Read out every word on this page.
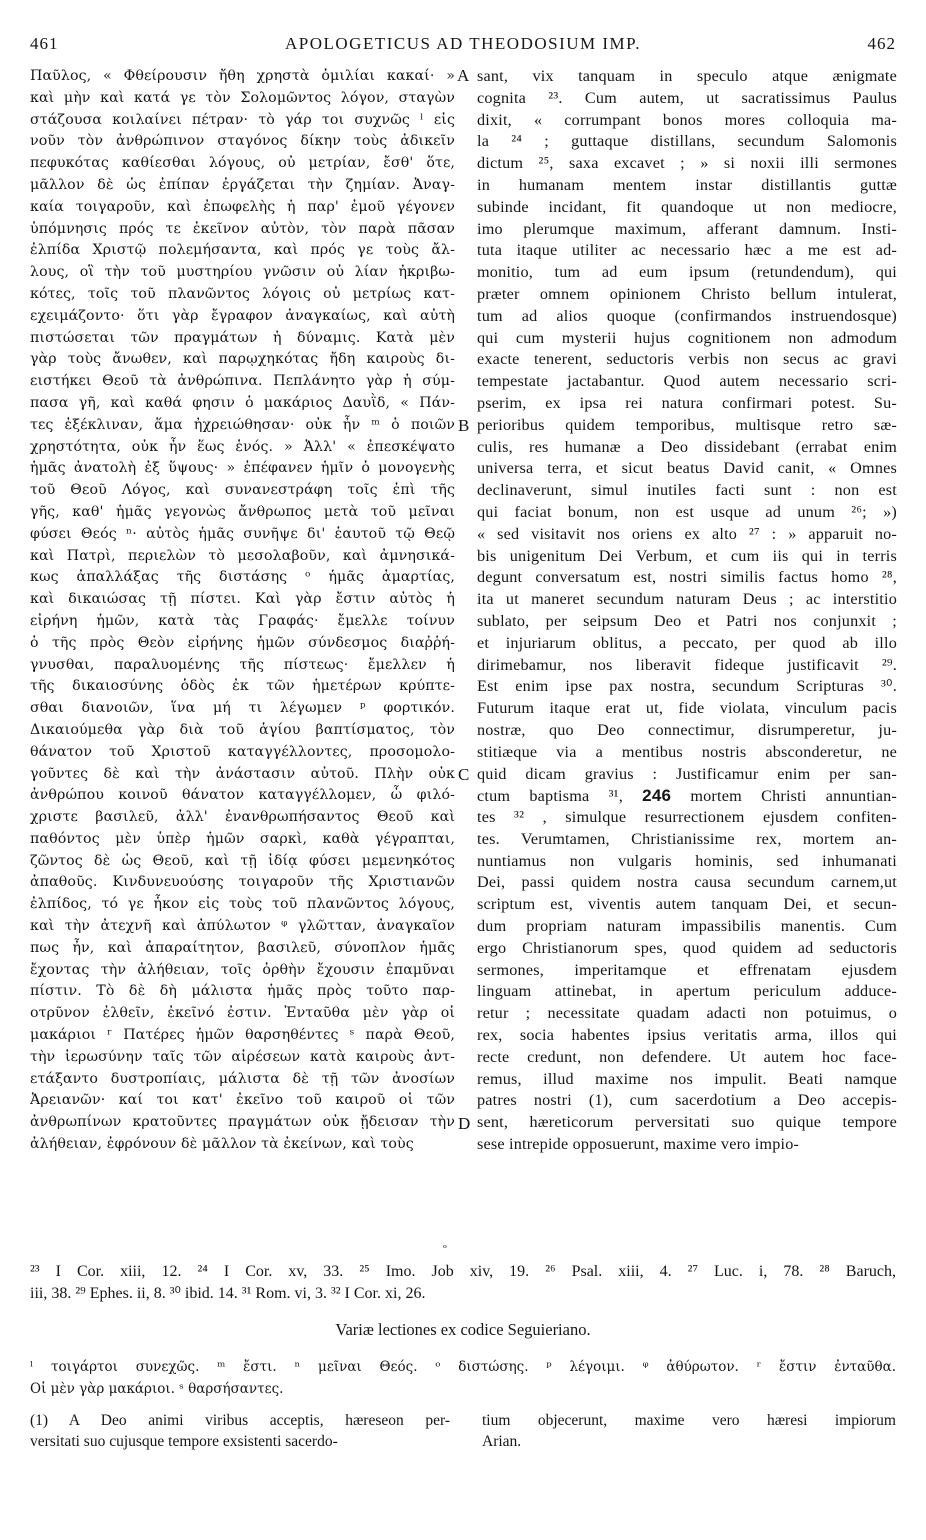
461	APOLOGETICUS AD THEODOSIUM IMP.	462
A
B
C
D
Παῦλος, « Φθείρουσιν ἤθη χρηστὰ ὁμιλίαι κακαί· »
καὶ μὴν καὶ κατά γε τὸν Σολομῶντος λόγον, σταγὼν
στάζουσα κοιλαίνει πέτραν· τὸ γάρ τοι συχνῶς ˡ εἰς
νοῦν τὸν ἀνθρώπινον σταγόνος δίκην τοὺς ἀδικεῖν
πεφυκότας καθίεσθαι λόγους, οὐ μετρίαν, ἔσθ' ὅτε,
μᾶλλον δὲ ὡς ἐπίπαν ἐργάζεται τὴν ζημίαν. Ἀναγ-
καία τοιγαροῦν, καὶ ἐπωφελὴς ἡ παρ' ἐμοῦ γέγονεν
ὑπόμνησις πρός τε ἐκεῖνον αὐτὸν, τὸν παρὰ πᾶσαν
ἐλπίδα Χριστῷ πολεμήσαντα, καὶ πρός γε τοὺς ἄλ-
λους, οἳ τὴν τοῦ μυστηρίου γνῶσιν οὐ λίαν ἠκριβω-
κότες, τοῖς τοῦ πλανῶντος λόγοις οὐ μετρίως κατ-
εχειμάζοντο· ὅτι γὰρ ἔγραφον ἀναγκαίως, καὶ αὐτὴ
πιστώσεται τῶν πραγμάτων ἡ δύναμις. Κατὰ μὲν
γὰρ τοὺς ἄνωθεν, καὶ παρῳχηκότας ἤδη καιροὺς δι-
ειστήκει Θεοῦ τὰ ἀνθρώπινα. Πεπλάνητο γὰρ ἡ σύμ-
πασα γῆ, καὶ καθά φησιν ὁ μακάριος Δαυῒδ, « Πάν-
τες ἐξέκλιναν, ἅμα ἠχρειώθησαν· οὐκ ἦν ᵐ ὁ ποιῶν
χρηστότητα, οὐκ ἦν ἕως ἑνός. » Ἀλλ' « ἐπεσκέψατο
ἡμᾶς ἀνατολὴ ἐξ ὕψους· » ἐπέφανεν ἡμῖν ὁ μονογενὴς
τοῦ Θεοῦ Λόγος, καὶ συνανεστράφη τοῖς ἐπὶ τῆς
γῆς, καθ' ἡμᾶς γεγονὼς ἄνθρωπος μετὰ τοῦ μεῖναι
φύσει Θεός ⁿ· αὐτὸς ἡμᾶς συνῆψε δι' ἑαυτοῦ τῷ Θεῷ
καὶ Πατρὶ, περιελὼν τὸ μεσολαβοῦν, καὶ ἀμνησικά-
κως ἀπαλλάξας τῆς διστάσης ᵒ ἡμᾶς ἁμαρτίας,
καὶ δικαιώσας τῇ πίστει. Καὶ γὰρ ἔστιν αὐτὸς ἡ
εἰρήνη ἡμῶν, κατὰ τὰς Γραφάς· ἔμελλε τοίνυν
ὁ τῆς πρὸς Θεὸν εἰρήνης ἡμῶν σύνδεσμος διαῤῥή-
γνυσθαι, παραλυομένης τῆς πίστεως· ἔμελλεν ἡ
τῆς δικαιοσύνης ὁδὸς ἐκ τῶν ἡμετέρων κρύπτε-
σθαι διανοιῶν, ἵνα μή τι λέγωμεν ᵖ φορτικόν.
Δικαιούμεθα γὰρ διὰ τοῦ ἁγίου βαπτίσματος, τὸν
θάνατον τοῦ Χριστοῦ καταγγέλλοντες, προσομολο-
γοῦντες δὲ καὶ τὴν ἀνάστασιν αὐτοῦ. Πλὴν οὐκ
ἀνθρώπου κοινοῦ θάνατον καταγγέλλομεν, ὦ φιλό-
χριστε βασιλεῦ, ἀλλ' ἐνανθρωπήσαντος Θεοῦ καὶ
παθόντος μὲν ὑπὲρ ἡμῶν σαρκὶ, καθὰ γέγραπται,
ζῶντος δὲ ὡς Θεοῦ, καὶ τῇ ἰδίᾳ φύσει μεμενηκότος
ἀπαθοῦς. Κινδυνευούσης τοιγαροῦν τῆς Χριστιανῶν
ἐλπίδος, τό γε ἧκον εἰς τοὺς τοῦ πλανῶντος λόγους,
καὶ τὴν ἀτεχνῆ καὶ ἀπύλωτον ᵠ γλῶτταν, ἀναγκαῖον
πως ἦν, καὶ ἀπαραίτητον, βασιλεῦ, σύνοπλον ἡμᾶς
ἔχοντας τὴν ἀλήθειαν, τοῖς ὀρθὴν ἔχουσιν ἐπαμῦναι
πίστιν. Τὸ δὲ δὴ μάλιστα ἡμᾶς πρὸς τοῦτο παρ-
οτρῦνον ἐλθεῖν, ἐκεῖνό ἐστιν. Ἐνταῦθα μὲν γὰρ οἱ
μακάριοι ʳ Πατέρες ἡμῶν θαρσηθέντες ˢ παρὰ Θεοῦ,
τὴν ἱερωσύνην ταῖς τῶν αἱρέσεων κατὰ καιροὺς ἀντ-
ετάξαντο δυστροπίαις, μάλιστα δὲ τῇ τῶν ἀνοσίων
Ἀρειανῶν· καί τοι κατ' ἐκεῖνο τοῦ καιροῦ οἱ τῶν
ἀνθρωπίνων κρατοῦντες πραγμάτων οὐκ ᾔδεισαν τὴν
ἀλήθειαν, ἐφρόνουν δὲ μᾶλλον τὰ ἐκείνων, καὶ τοὺς
sant, vix tanquam in speculo atque ænigmate
cognita ²³. Cum autem, ut sacratissimus Paulus
dixit, « corrumpant bonos mores colloquia ma-
la ²⁴ ; guttaque distillans, secundum Salomonis
dictum ²⁵, saxa excavet ; » si noxii illi sermones
in humanam mentem instar distillantis guttæ
subinde incidant, fit quandoque ut non mediocre,
imo plerumque maximum, afferant damnum. Insti-
tuta itaque utiliter ac necessario hæc a me est ad-
monitio, tum ad eum ipsum (retundendum), qui
præter omnem opinionem Christo bellum intulerat,
tum ad alios quoque (confirmandos instruendosque)
qui cum mysterii hujus cognitionem non admodum
exacte tenerent, seductoris verbis non secus ac gravi
tempestate jactabantur. Quod autem necessario scri-
pserim, ex ipsa rei natura confirmari potest. Su-
perioribus quidem temporibus, multisque retro sæ-
culis, res humanæ a Deo dissidebant (errabat enim
universa terra, et sicut beatus David canit, « Omnes
declinaverunt, simul inutiles facti sunt : non est
qui faciat bonum, non est usque ad unum ²⁶; »)
« sed visitavit nos oriens ex alto ²⁷ : » apparuit no-
bis unigenitum Dei Verbum, et cum iis qui in terris
degunt conversatum est, nostri similis factus homo ²⁸,
ita ut maneret secundum naturam Deus ; ac interstitio
sublato, per seipsum Deo et Patri nos conjunxit ;
et injuriarum oblitus, a peccato, per quod ab illo
dirimebamur, nos liberavit fideque justificavit ²⁹.
Est enim ipse pax nostra, secundum Scripturas ³⁰.
Futurum itaque erat ut, fide violata, vinculum pacis
nostræ, quo Deo connectimur, disrumperetur, ju-
stitiæque via a mentibus nostris absconderetur, ne
quid dicam gravius : Justificamur enim per san-
ctum baptisma ³¹, 246 mortem Christi annuntian-
tes ³² , simulque resurrectionem ejusdem confiten-
tes. Verumtamen, Christianissime rex, mortem an-
nuntiamus non vulgaris hominis, sed inhumanati
Dei, passi quidem nostra causa secundum carnem,ut
scriptum est, viventis autem tanquam Dei, et secun-
dum propriam naturam impassibilis manentis. Cum
ergo Christianorum spes, quod quidem ad seductoris
sermones, imperitamque et effrenatam ejusdem
linguam attinebat, in apertum periculum adduce-
retur ; necessitate quadam adacti non potuimus, o
rex, socia habentes ipsius veritatis arma, illos qui
recte credunt, non defendere. Ut autem hoc face-
remus, illud maxime nos impulit. Beati namque
patres nostri (1), cum sacerdotium a Deo accepis-
sent, hæreticorum perversitati suo quique tempore
sese intrepide opposuerunt, maxime vero impio-
ₒ
²³ I Cor. xiii, 12. ²⁴ I Cor. xv, 33. ²⁵ Imo. Job xiv, 19. ²⁶ Psal. xiii, 4. ²⁷ Luc. i, 78. ²⁸ Baruch,
iii, 38. ²⁹ Ephes. ii, 8. ³⁰ ibid. 14. ³¹ Rom. vi, 3. ³² I Cor. xi, 26.
Variæ lectiones ex codice Seguieriano.
ˡ τοιγάρτοι συνεχῶς. ᵐ ἔστι. ⁿ μεῖναι Θεός. ᵒ διστώσης. ᵖ λέγοιμι. ᵠ ἀθύρωτον. ʳ ἔστιν ἐνταῦθα.
Οἱ μὲν γὰρ μακάριοι. ˢ θαρσήσαντες.
(1) A Deo animi viribus acceptis, hæreseon per-
versitati suo cujusque tempore exsistenti sacerdo-
tium objecerunt, maxime vero hæresi impiorum
Arian.
